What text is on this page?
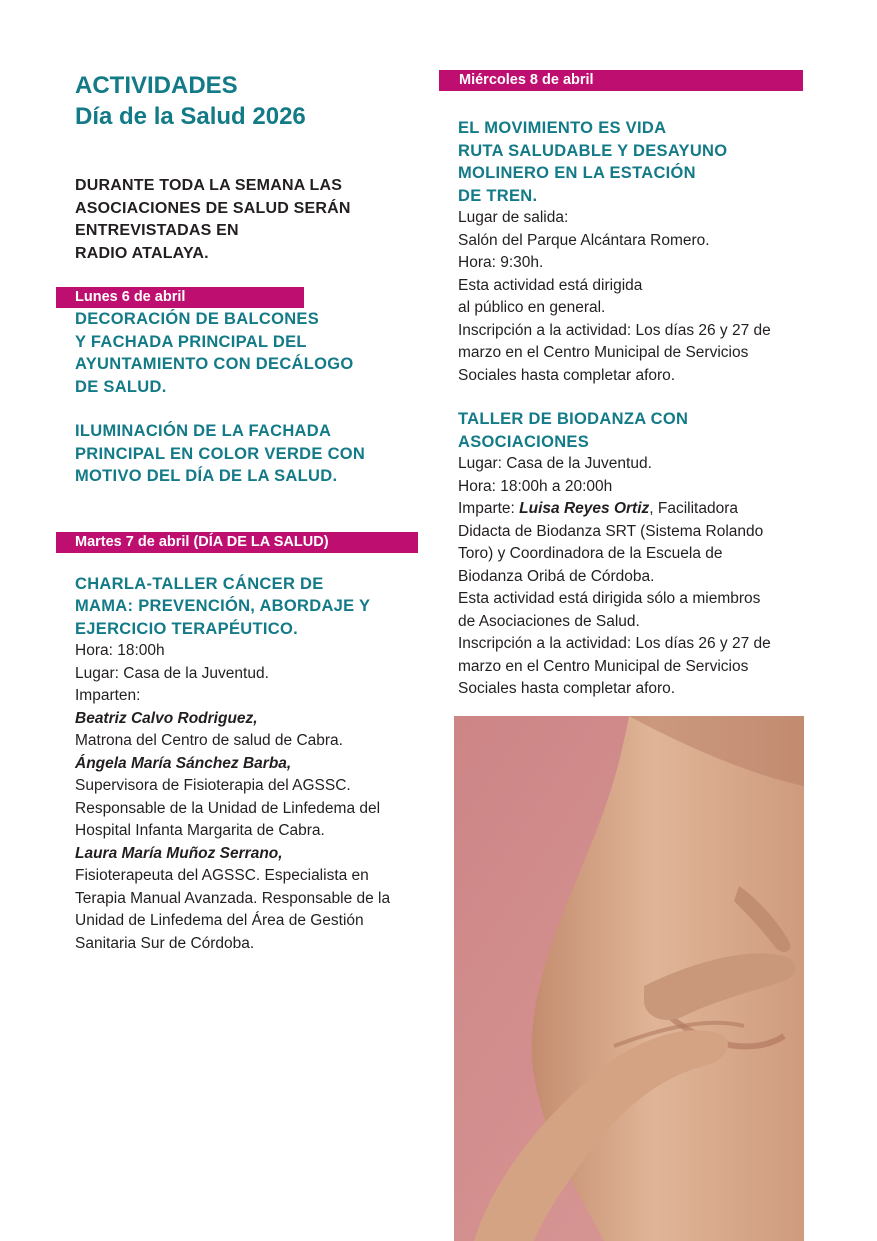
ACTIVIDADES
Día de la Salud 2026
DURANTE TODA LA SEMANA LAS
ASOCIACIONES DE SALUD SERÁN
ENTREVISTADAS EN
RADIO ATALAYA.
Lunes 6 de abril
DECORACIÓN DE BALCONES
Y FACHADA PRINCIPAL DEL
AYUNTAMIENTO CON DECÁLOGO
DE SALUD.
ILUMINACIÓN DE LA FACHADA
PRINCIPAL EN COLOR VERDE CON
MOTIVO DEL DÍA DE LA SALUD.
Martes 7 de abril (DÍA DE LA SALUD)
CHARLA-TALLER CÁNCER DE
MAMA: PREVENCIÓN, ABORDAJE Y
EJERCICIO TERAPÉUTICO.
Hora: 18:00h
Lugar: Casa de la Juventud.
Imparten:
Beatriz Calvo Rodriguez,
Matrona del Centro de salud de Cabra.
Ángela María Sánchez Barba,
Supervisora de Fisioterapia del AGSSC.
Responsable de la Unidad de Linfedema del
Hospital Infanta Margarita de Cabra.
Laura María Muñoz Serrano,
Fisioterapeuta del AGSSC. Especialista en
Terapia Manual Avanzada. Responsable de la
Unidad de Linfedema del Área de Gestión
Sanitaria Sur de Córdoba.
Miércoles 8 de abril
EL MOVIMIENTO ES VIDA
RUTA SALUDABLE Y DESAYUNO
MOLINERO EN LA ESTACIÓN
DE TREN.
Lugar de salida:
Salón del Parque Alcántara Romero.
Hora: 9:30h.
Esta actividad está dirigida
al público en general.
Inscripción a la actividad: Los días 26 y 27 de
marzo en el Centro Municipal de Servicios
Sociales hasta completar aforo.
TALLER DE BIODANZA CON
ASOCIACIONES
Lugar: Casa de la Juventud.
Hora: 18:00h a 20:00h
Imparte: Luisa Reyes Ortiz, Facilitadora
Didacta de Biodanza SRT (Sistema Rolando
Toro) y Coordinadora de la Escuela de
Biodanza Oribá de Córdoba.
Esta actividad está dirigida sólo a miembros
de Asociaciones de Salud.
Inscripción a la actividad: Los días 26 y 27 de
marzo en el Centro Municipal de Servicios
Sociales hasta completar aforo.
